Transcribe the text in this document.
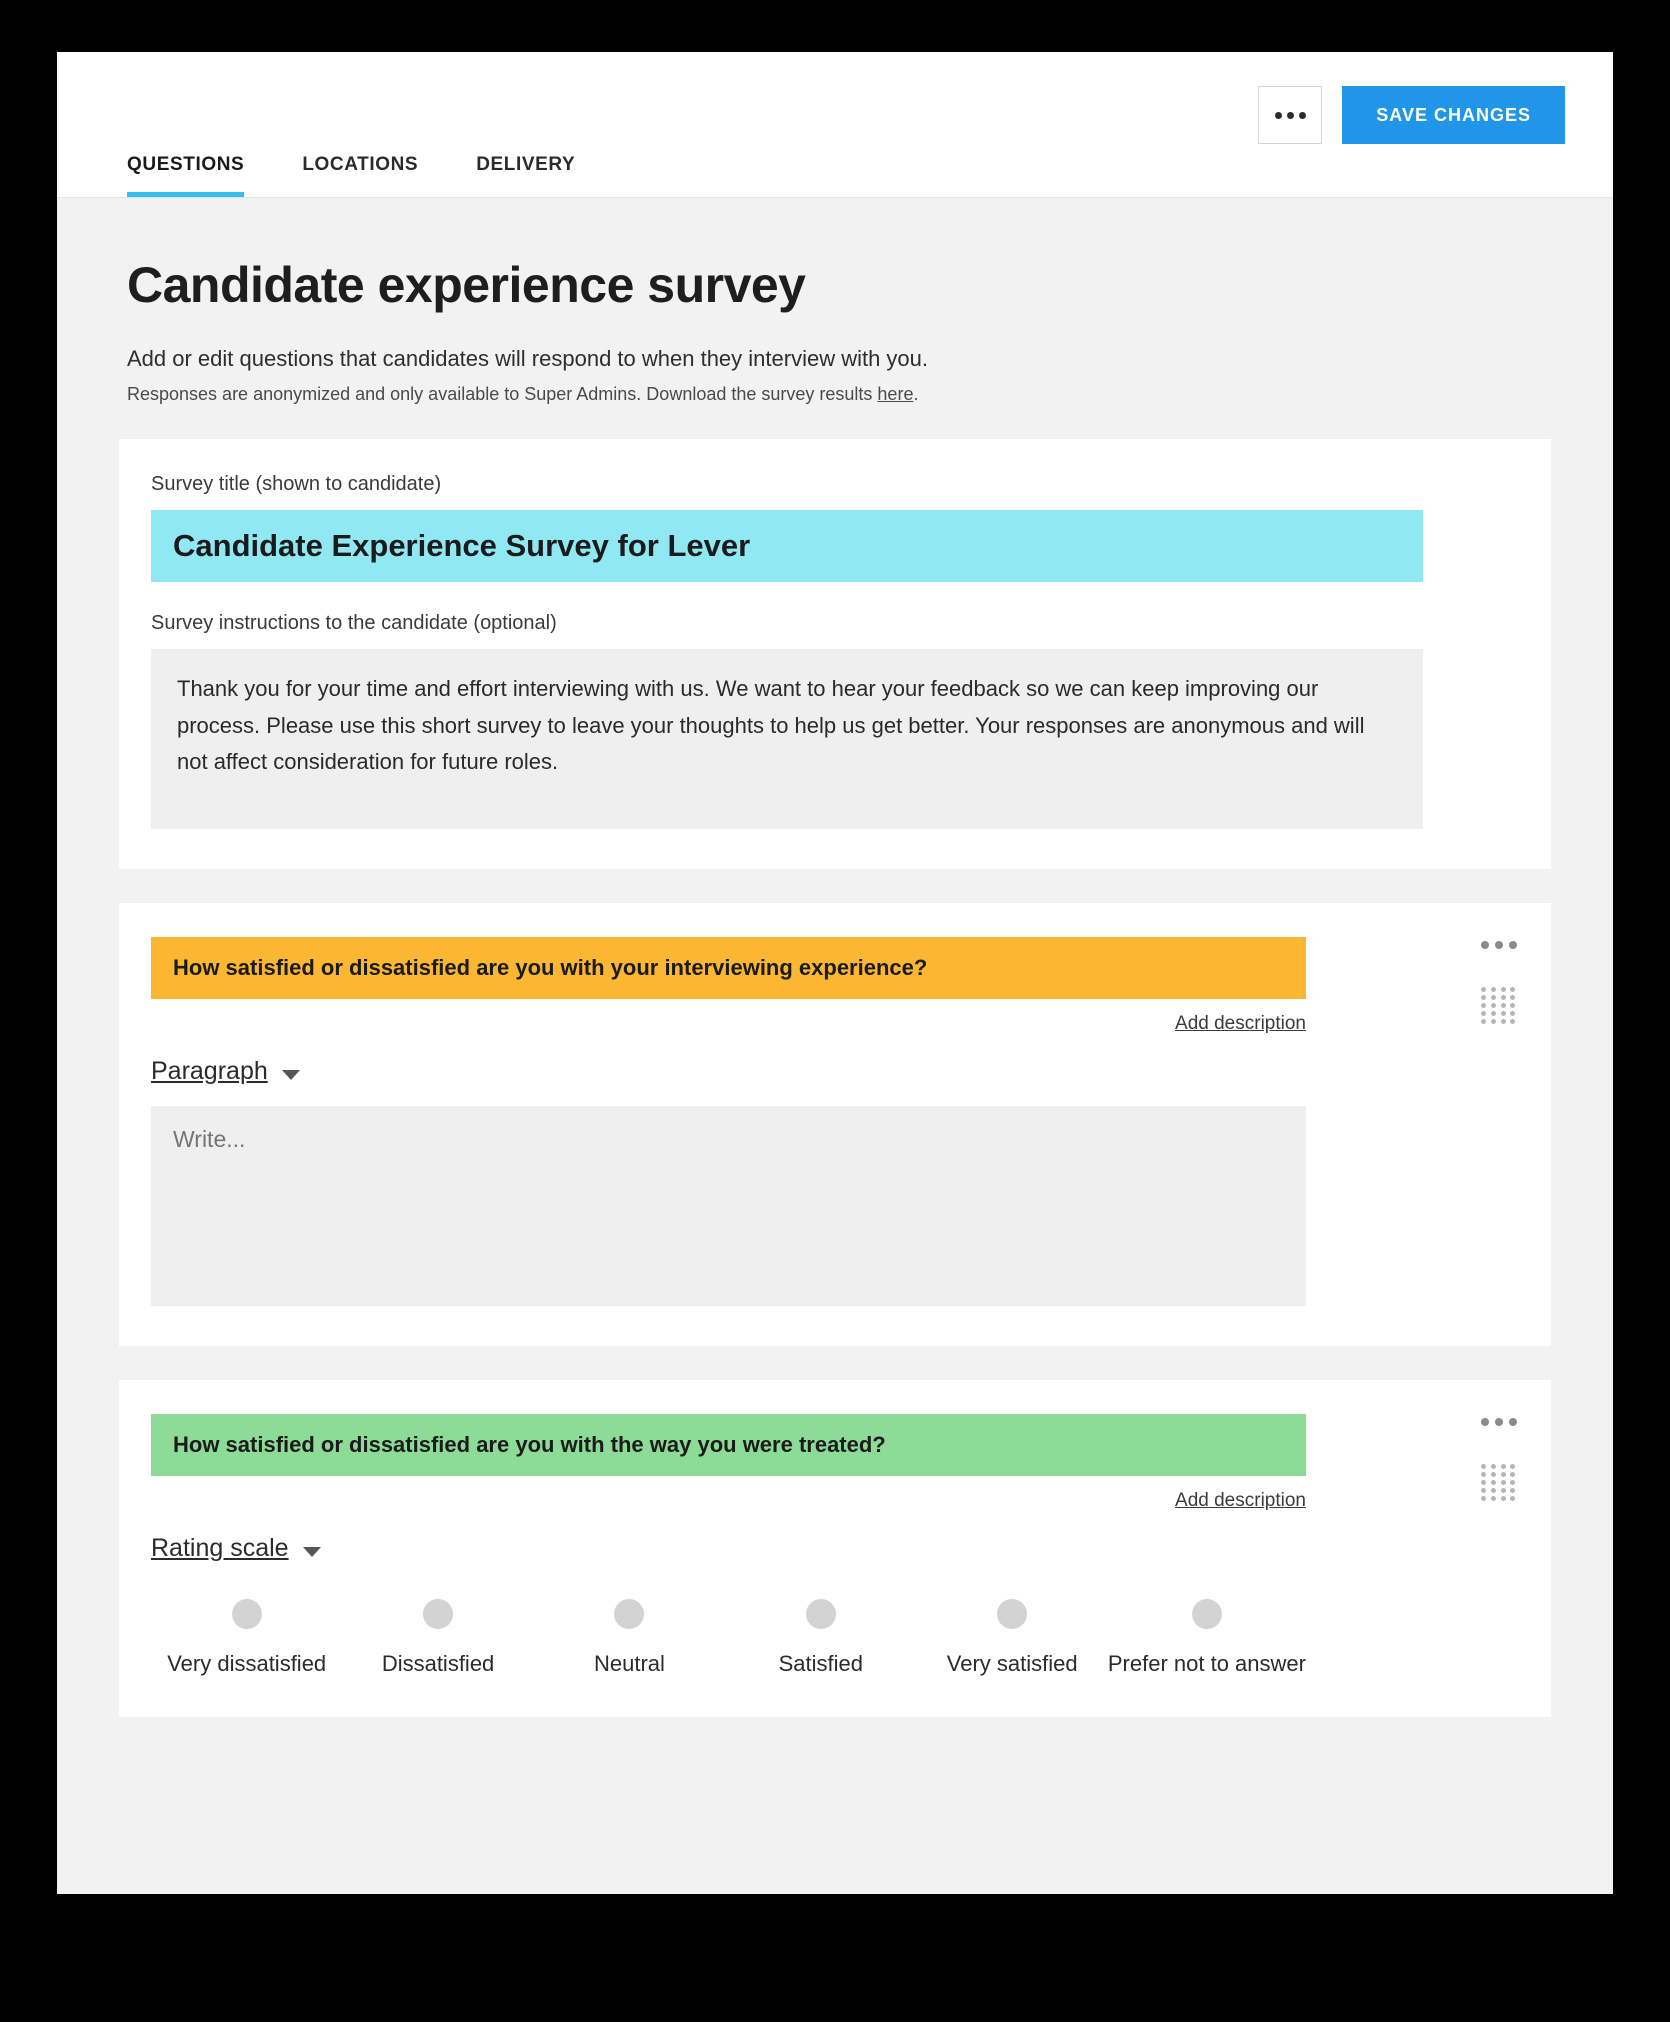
QUESTIONS	LOCATIONS	DELIVERY
SAVE CHANGES
Candidate experience survey
Add or edit questions that candidates will respond to when they interview with you.
Responses are anonymized and only available to Super Admins. Download the survey results here.
Survey title (shown to candidate)
Candidate Experience Survey for Lever
Survey instructions to the candidate (optional)
Thank you for your time and effort interviewing with us. We want to hear your feedback so we can keep improving our process. Please use this short survey to leave your thoughts to help us get better. Your responses are anonymous and will not affect consideration for future roles.
How satisfied or dissatisfied are you with your interviewing experience?
Add description
Paragraph
Write...
How satisfied or dissatisfied are you with the way you were treated?
Add description
Rating scale
Very dissatisfied	Dissatisfied	Neutral	Satisfied	Very satisfied Prefer not to answer
